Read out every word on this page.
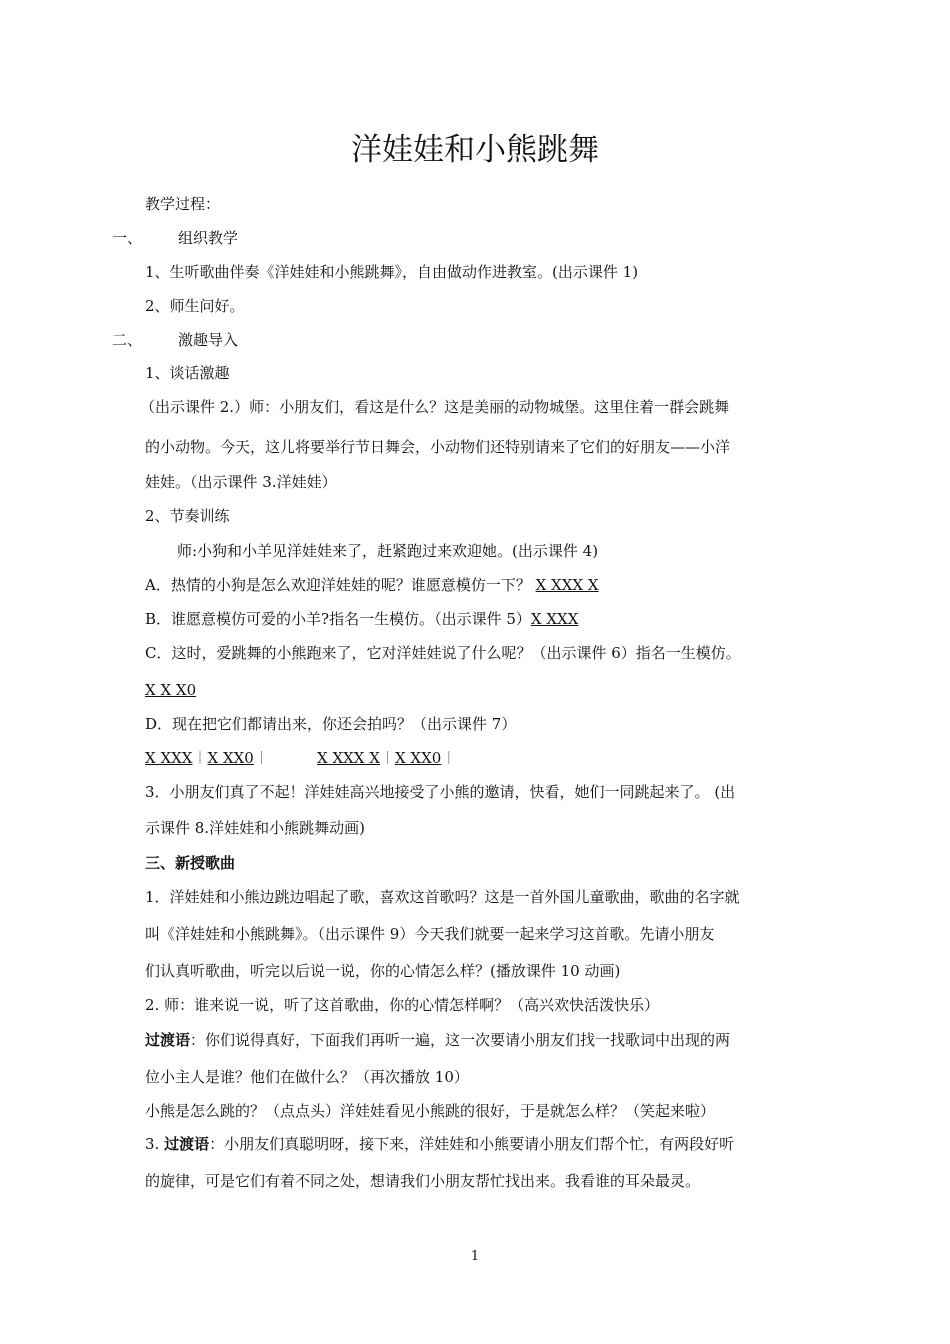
洋娃娃和小熊跳舞
教学过程：
一、 组织教学
1、生听歌曲伴奏《洋娃娃和小熊跳舞》，自由做动作进教室。(出示课件 1)
2、师生问好。
二、 激趣导入
1、谈话激趣
（出示课件 2.）师：小朋友们，看这是什么？这是美丽的动物城堡。这里住着一群会跳舞
的小动物。今天，这儿将要举行节日舞会，小动物们还特别请来了它们的好朋友——小洋
娃娃。（出示课件 3.洋娃娃）
2、节奏训练
师:小狗和小羊见洋娃娃来了，赶紧跑过来欢迎她。(出示课件 4)
A．热情的小狗是怎么欢迎洋娃娃的呢？谁愿意模仿一下？ X XXX X
B．谁愿意模仿可爱的小羊?指名一生模仿。（出示课件 5）X XXX
C．这时，爱跳舞的小熊跑来了，它对洋娃娃说了什么呢？（出示课件 6）指名一生模仿。
X X X0
D．现在把它们都请出来，你还会拍吗？（出示课件 7）
X XXX︱X XX0︱	X XXX X︱X XX0︱
3．小朋友们真了不起！洋娃娃高兴地接受了小熊的邀请，快看，她们一同跳起来了。 (出
示课件 8.洋娃娃和小熊跳舞动画)
三、新授歌曲
1．洋娃娃和小熊边跳边唱起了歌，喜欢这首歌吗？这是一首外国儿童歌曲，歌曲的名字就
叫《洋娃娃和小熊跳舞》。（出示课件 9）今天我们就要一起来学习这首歌。先请小朋友
们认真听歌曲，听完以后说一说，你的心情怎么样？(播放课件 10 动画)
2. 师：谁来说一说，听了这首歌曲，你的心情怎样啊？（高兴欢快活泼快乐）
过渡语：你们说得真好，下面我们再听一遍，这一次要请小朋友们找一找歌词中出现的两
位小主人是谁？他们在做什么？（再次播放 10）
小熊是怎么跳的？（点点头）洋娃娃看见小熊跳的很好，于是就怎么样？（笑起来啦）
3. 过渡语：小朋友们真聪明呀，接下来，洋娃娃和小熊要请小朋友们帮个忙，有两段好听
的旋律，可是它们有着不同之处，想请我们小朋友帮忙找出来。我看谁的耳朵最灵。
1
